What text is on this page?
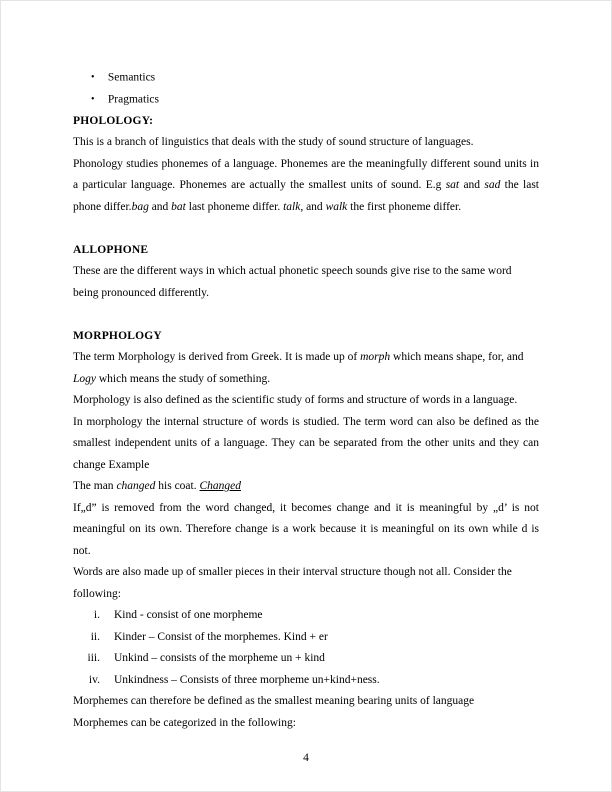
• Semantics
• Pragmatics
PHOLOLOGY:

This is a branch of linguistics that deals with the study of sound structure of languages.

Phonology studies phonemes of a language. Phonemes are the meaningfully different sound units in a particular language. Phonemes are actually the smallest units of sound. E.g sat and sad the last phone differ.bag and bat last phoneme differ. talk, and walk the first phoneme differ.

ALLOPHONE

These are the different ways in which actual phonetic speech sounds give rise to the same word being pronounced differently.

MORPHOLOGY

The term Morphology is derived from Greek. It is made up of morph which means shape, for, and Logy which means the study of something.

Morphology is also defined as the scientific study of forms and structure of words in a language.

In morphology the internal structure of words is studied. The term word can also be defined as the smallest independent units of a language. They can be separated from the other units and they can change Example

The man changed his coat. Changed

If„d” is removed from the word changed, it becomes change and it is meaningful by „d’ is not meaningful on its own. Therefore change is a work because it is meaningful on its own while d is not.

Words are also made up of smaller pieces in their interval structure though not all. Consider the following:

i. Kind - consist of one morpheme
ii. Kinder – Consist of the morphemes. Kind + er
iii. Unkind – consists of the morpheme un + kind
iv. Unkindness – Consists of three morpheme un+kind+ness.

Morphemes can therefore be defined as the smallest meaning bearing units of language

Morphemes can be categorized in the following:

4
